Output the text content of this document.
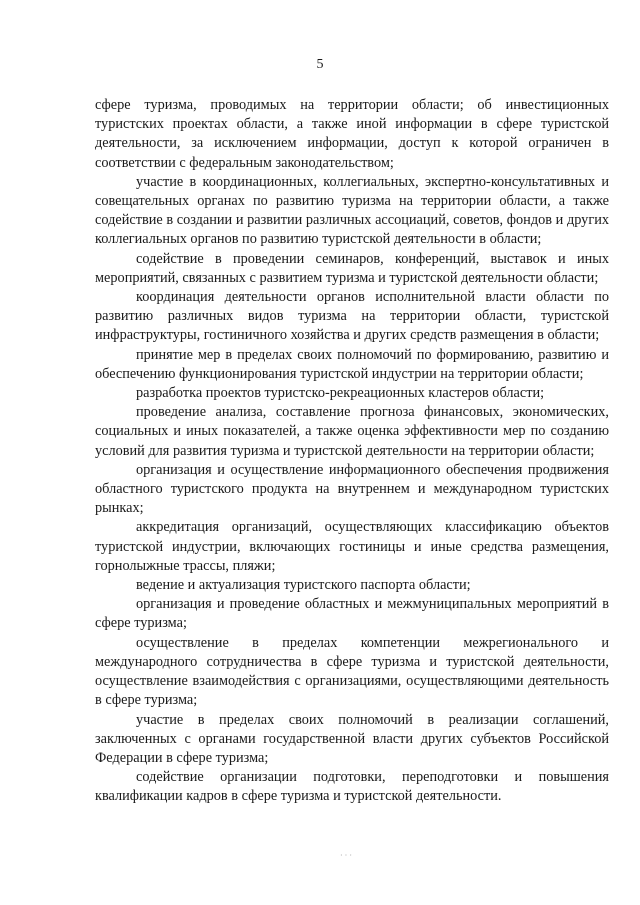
5

сфере туризма, проводимых на территории области; об инвестиционных туристских проектах области, а также иной информации в сфере туристской деятельности, за исключением информации, доступ к которой ограничен в соответствии с федеральным законодательством;

участие в координационных, коллегиальных, экспертно-консультативных и совещательных органах по развитию туризма на территории области, а также содействие в создании и развитии различных ассоциаций, советов, фондов и других коллегиальных органов по развитию туристской деятельности в области;

содействие в проведении семинаров, конференций, выставок и иных мероприятий, связанных с развитием туризма и туристской деятельности области;

координация деятельности органов исполнительной власти области по развитию различных видов туризма на территории области, туристской инфраструктуры, гостиничного хозяйства и других средств размещения в области;

принятие мер в пределах своих полномочий по формированию, развитию и обеспечению функционирования туристской индустрии на территории области;

разработка проектов туристско-рекреационных кластеров области;

проведение анализа, составление прогноза финансовых, экономических, социальных и иных показателей, а также оценка эффективности мер по созданию условий для развития туризма и туристской деятельности на территории области;

организация и осуществление информационного обеспечения продвижения областного туристского продукта на внутреннем и международном туристских рынках;

аккредитация организаций, осуществляющих классификацию объектов туристской индустрии, включающих гостиницы и иные средства размещения, горнолыжные трассы, пляжи;

ведение и актуализация туристского паспорта области;

организация и проведение областных и межмуниципальных мероприятий в сфере туризма;

осуществление в пределах компетенции межрегионального и международного сотрудничества в сфере туризма и туристской деятельности, осуществление взаимодействия с организациями, осуществляющими деятельность в сфере туризма;

участие в пределах своих полномочий в реализации соглашений, заключенных с органами государственной власти других субъектов Российской Федерации в сфере туризма;

содействие организации подготовки, переподготовки и повышения квалификации кадров в сфере туризма и туристской деятельности.

· · ·
